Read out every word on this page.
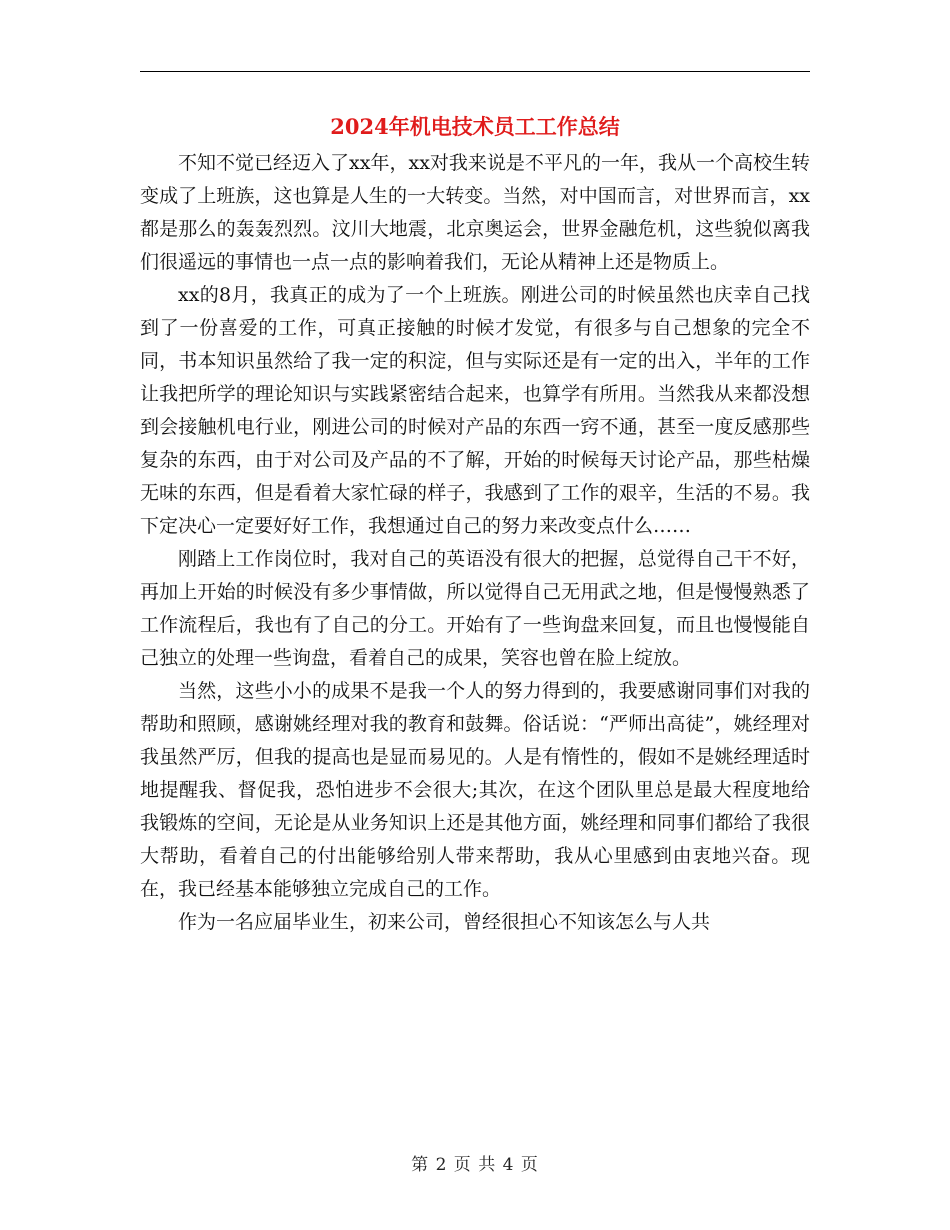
2024年机电技术员工工作总结

不知不觉已经迈入了xx年，xx对我来说是不平凡的一年，我从一个高校生转变成了上班族，这也算是人生的一大转变。当然，对中国而言，对世界而言，xx都是那么的轰轰烈烈。汶川大地震，北京奥运会，世界金融危机，这些貌似离我们很遥远的事情也一点一点的影响着我们，无论从精神上还是物质上。

xx的8月，我真正的成为了一个上班族。刚进公司的时候虽然也庆幸自己找到了一份喜爱的工作，可真正接触的时候才发觉，有很多与自己想象的完全不同，书本知识虽然给了我一定的积淀，但与实际还是有一定的出入，半年的工作让我把所学的理论知识与实践紧密结合起来，也算学有所用。当然我从来都没想到会接触机电行业，刚进公司的时候对产品的东西一窍不通，甚至一度反感那些复杂的东西，由于对公司及产品的不了解，开始的时候每天讨论产品，那些枯燥无味的东西，但是看着大家忙碌的样子，我感到了工作的艰辛，生活的不易。我下定决心一定要好好工作，我想通过自己的努力来改变点什么……

刚踏上工作岗位时，我对自己的英语没有很大的把握，总觉得自己干不好，再加上开始的时候没有多少事情做，所以觉得自己无用武之地，但是慢慢熟悉了工作流程后，我也有了自己的分工。开始有了一些询盘来回复，而且也慢慢能自己独立的处理一些询盘，看着自己的成果，笑容也曾在脸上绽放。

当然，这些小小的成果不是我一个人的努力得到的，我要感谢同事们对我的帮助和照顾，感谢姚经理对我的教育和鼓舞。俗话说：“严师出高徒”，姚经理对我虽然严厉，但我的提高也是显而易见的。人是有惰性的，假如不是姚经理适时地提醒我、督促我，恐怕进步不会很大;其次，在这个团队里总是最大程度地给我锻炼的空间，无论是从业务知识上还是其他方面，姚经理和同事们都给了我很大帮助，看着自己的付出能够给别人带来帮助，我从心里感到由衷地兴奋。现在，我已经基本能够独立完成自己的工作。

作为一名应届毕业生，初来公司，曾经很担心不知该怎么与人共

第 2 页 共 4 页
